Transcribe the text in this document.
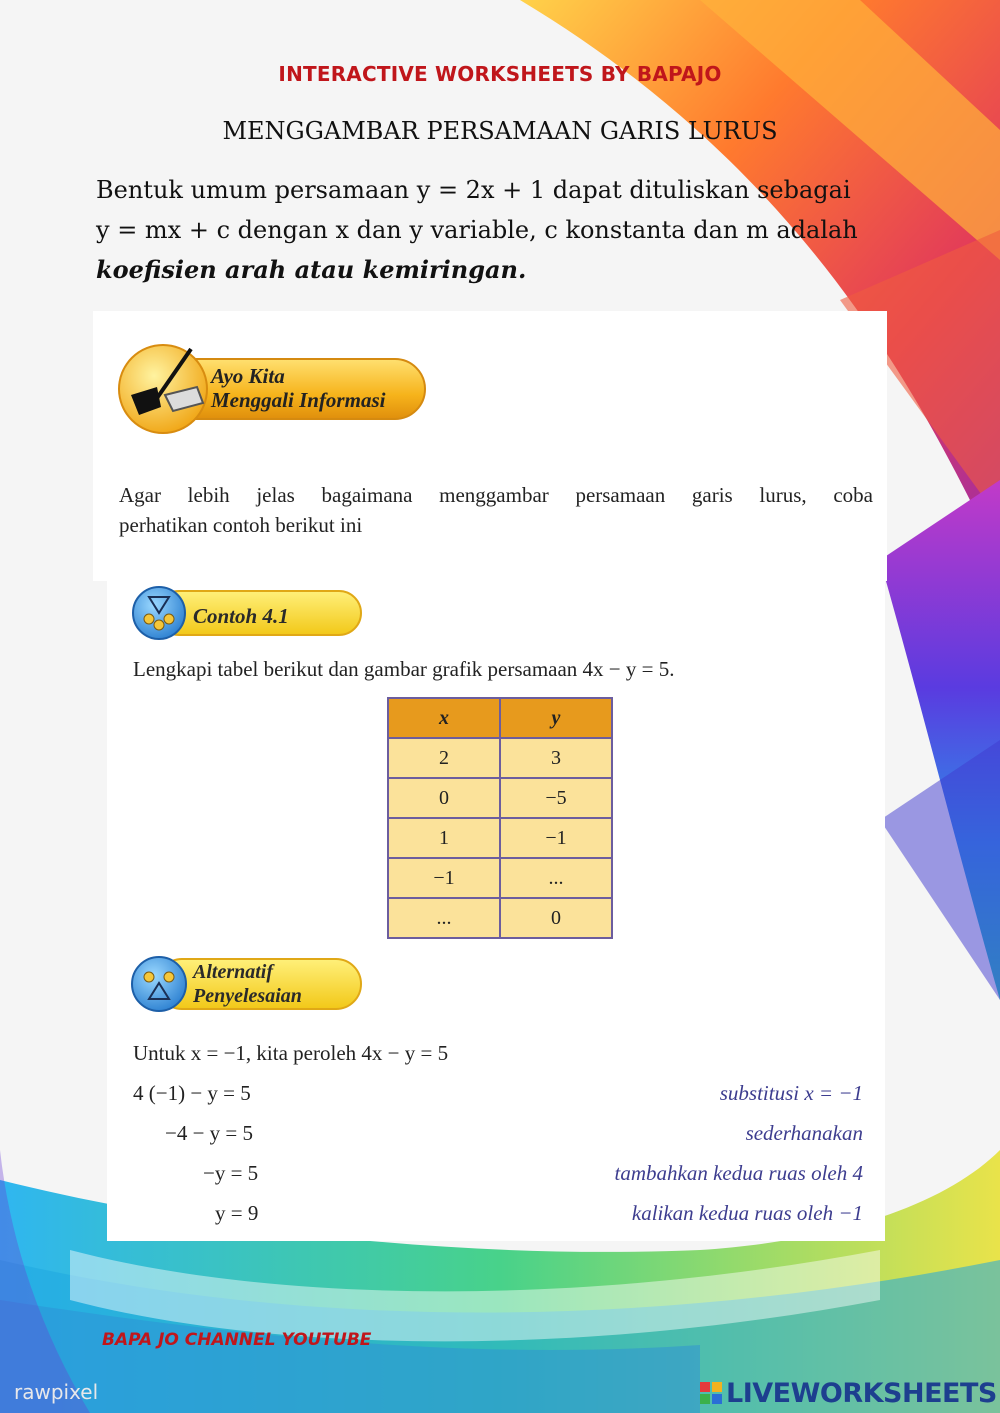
INTERACTIVE WORKSHEETS BY BAPAJO
MENGGAMBAR PERSAMAAN GARIS LURUS
Bentuk umum persamaan y = 2x + 1 dapat dituliskan sebagai
y = mx + c dengan x dan y variable, c konstanta dan m adalah
koefisien arah atau kemiringan.
Ayo Kita
Menggali Informasi
Agar lebih jelas bagaimana menggambar persamaan garis lurus, coba
perhatikan contoh berikut ini
Contoh 4.1
Lengkapi tabel berikut dan gambar grafik persamaan 4x − y = 5.
x	y
2	3
0	−5
1	−1
−1	...
...	0
Alternatif
Penyelesaian
Untuk x = −1, kita peroleh 4x − y = 5
4 (−1) − y = 5	substitusi x = −1
−4 − y = 5	sederhanakan
−y = 5	tambahkan kedua ruas oleh 4
y = 9	kalikan kedua ruas oleh −1
BAPA JO CHANNEL YOUTUBE
rawpixel	LIVEWORKSHEETS
